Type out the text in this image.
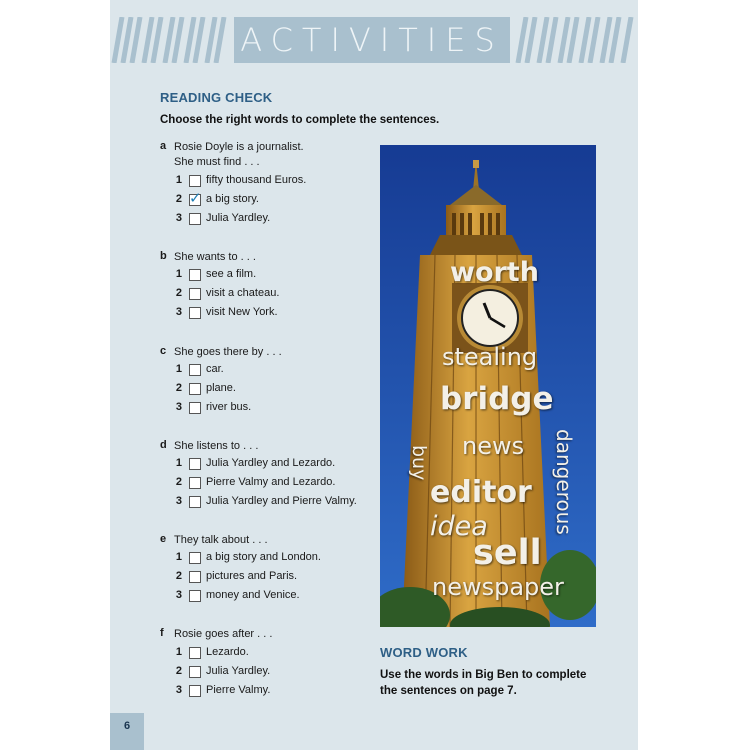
ACTIVITIES
READING CHECK
Choose the right words to complete the sentences.
a Rosie Doyle is a journalist.
She must find . . .
1 fifty thousand Euros.
2 ✓ a big story.
3 Julia Yardley.
b She wants to . . .
1 see a film.
2 visit a chateau.
3 visit New York.
c She goes there by . . .
1 car.
2 plane.
3 river bus.
d She listens to . . .
1 Julia Yardley and Lezardo.
2 Pierre Valmy and Lezardo.
3 Julia Yardley and Pierre Valmy.
e They talk about . . .
1 a big story and London.
2 pictures and Paris.
3 money and Venice.
f Rosie goes after . . .
1 Lezardo.
2 Julia Yardley.
3 Pierre Valmy.
worth
stealing
bridge
buy news dangerous
editor
idea
sell
newspaper
WORD WORK
Use the words in Big Ben to complete
the sentences on page 7.
6
